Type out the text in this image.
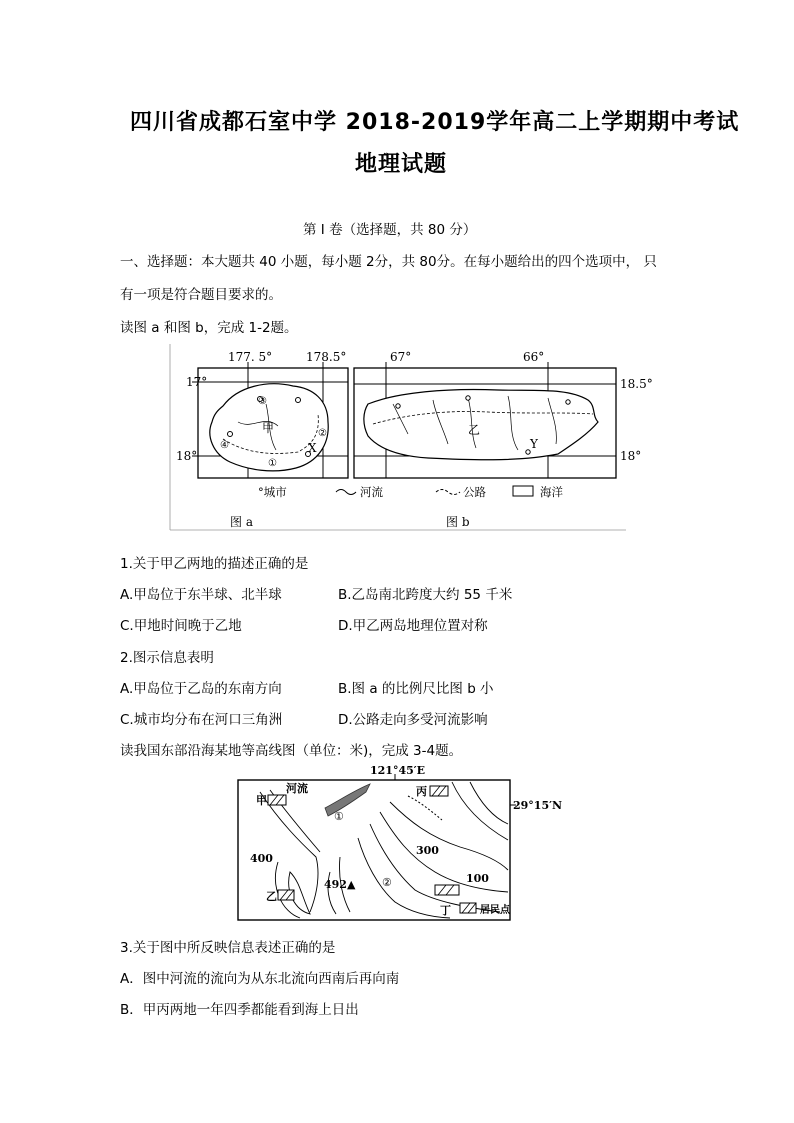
四川省成都石室中学 2018-2019学年高二上学期期中考试
地理试题
第 I 卷（选择题，共 80 分）
一、选择题：本大题共 40 小题，每小题 2分，共 80分。在每小题给出的四个选项中， 只
有一项是符合题目要求的。
读图 a 和图 b，完成 1-2题。
17°
18°
177. 5°	178.5°
③
②
④
①
甲
X
67°	66°
18.5°
18°
乙
Y
°城市	河流	公路	海洋
图 a	图 b
1.关于甲乙两地的描述正确的是
A.甲岛位于东半球、北半球	B.乙岛南北跨度大约 55 千米
C.甲地时间晚于乙地	D.甲乙两岛地理位置对称
2.图示信息表明
A.甲岛位于乙岛的东南方向	B.图 a 的比例尺比图 b 小
C.城市均分布在河口三角洲	D.公路走向多受河流影响
读我国东部沿海某地等高线图（单位：米)，完成 3-4题。
121°45′E
29°15′N
甲
河流	丙
乙
丁
400
300
100
492▲
①
②
居民点
3.关于图中所反映信息表述正确的是
A．图中河流的流向为从东北流向西南后再向南
B．甲丙两地一年四季都能看到海上日出
